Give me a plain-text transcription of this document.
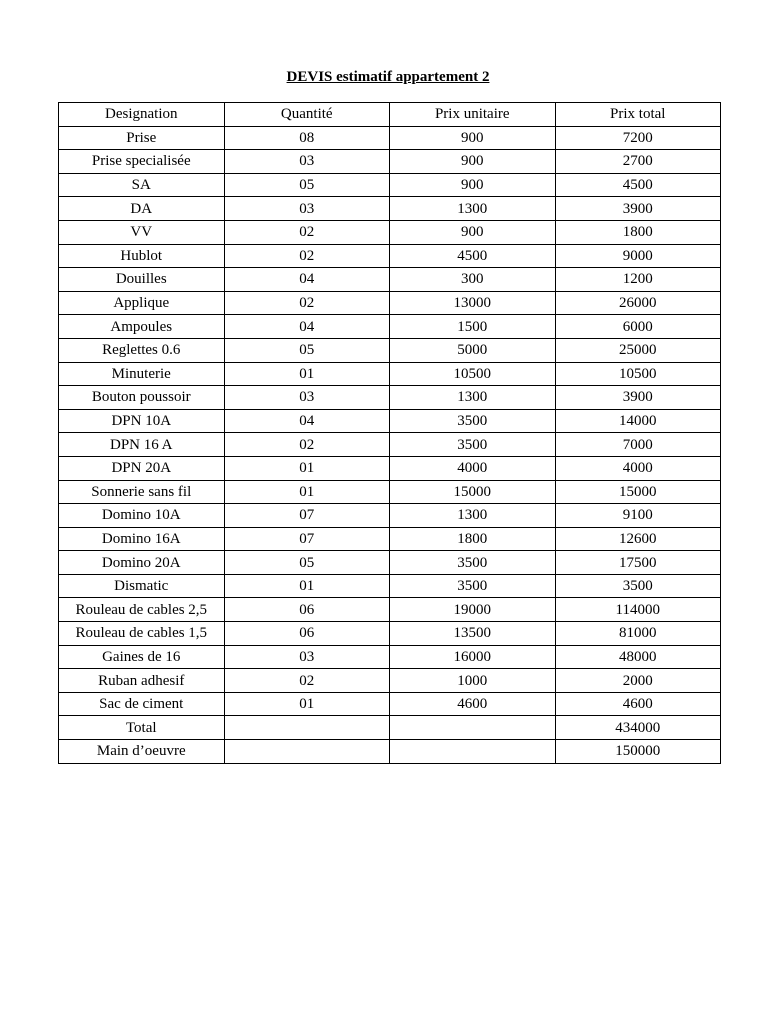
DEVIS estimatif appartement 2
Designation	Quantité	Prix unitaire	Prix total
Prise	08	900	7200
Prise specialisée	03	900	2700
SA	05	900	4500
DA	03	1300	3900
VV	02	900	1800
Hublot	02	4500	9000
Douilles	04	300	1200
Applique	02	13000	26000
Ampoules	04	1500	6000
Reglettes 0.6	05	5000	25000
Minuterie	01	10500	10500
Bouton poussoir	03	1300	3900
DPN 10A	04	3500	14000
DPN 16 A	02	3500	7000
DPN 20A	01	4000	4000
Sonnerie sans fil	01	15000	15000
Domino 10A	07	1300	9100
Domino 16A	07	1800	12600
Domino 20A	05	3500	17500
Dismatic	01	3500	3500
Rouleau de cables 2,5	06	19000	114000
Rouleau de cables 1,5	06	13500	81000
Gaines de 16	03	16000	48000
Ruban adhesif	02	1000	2000
Sac de ciment	01	4600	4600
Total			434000
Main d’oeuvre			150000
